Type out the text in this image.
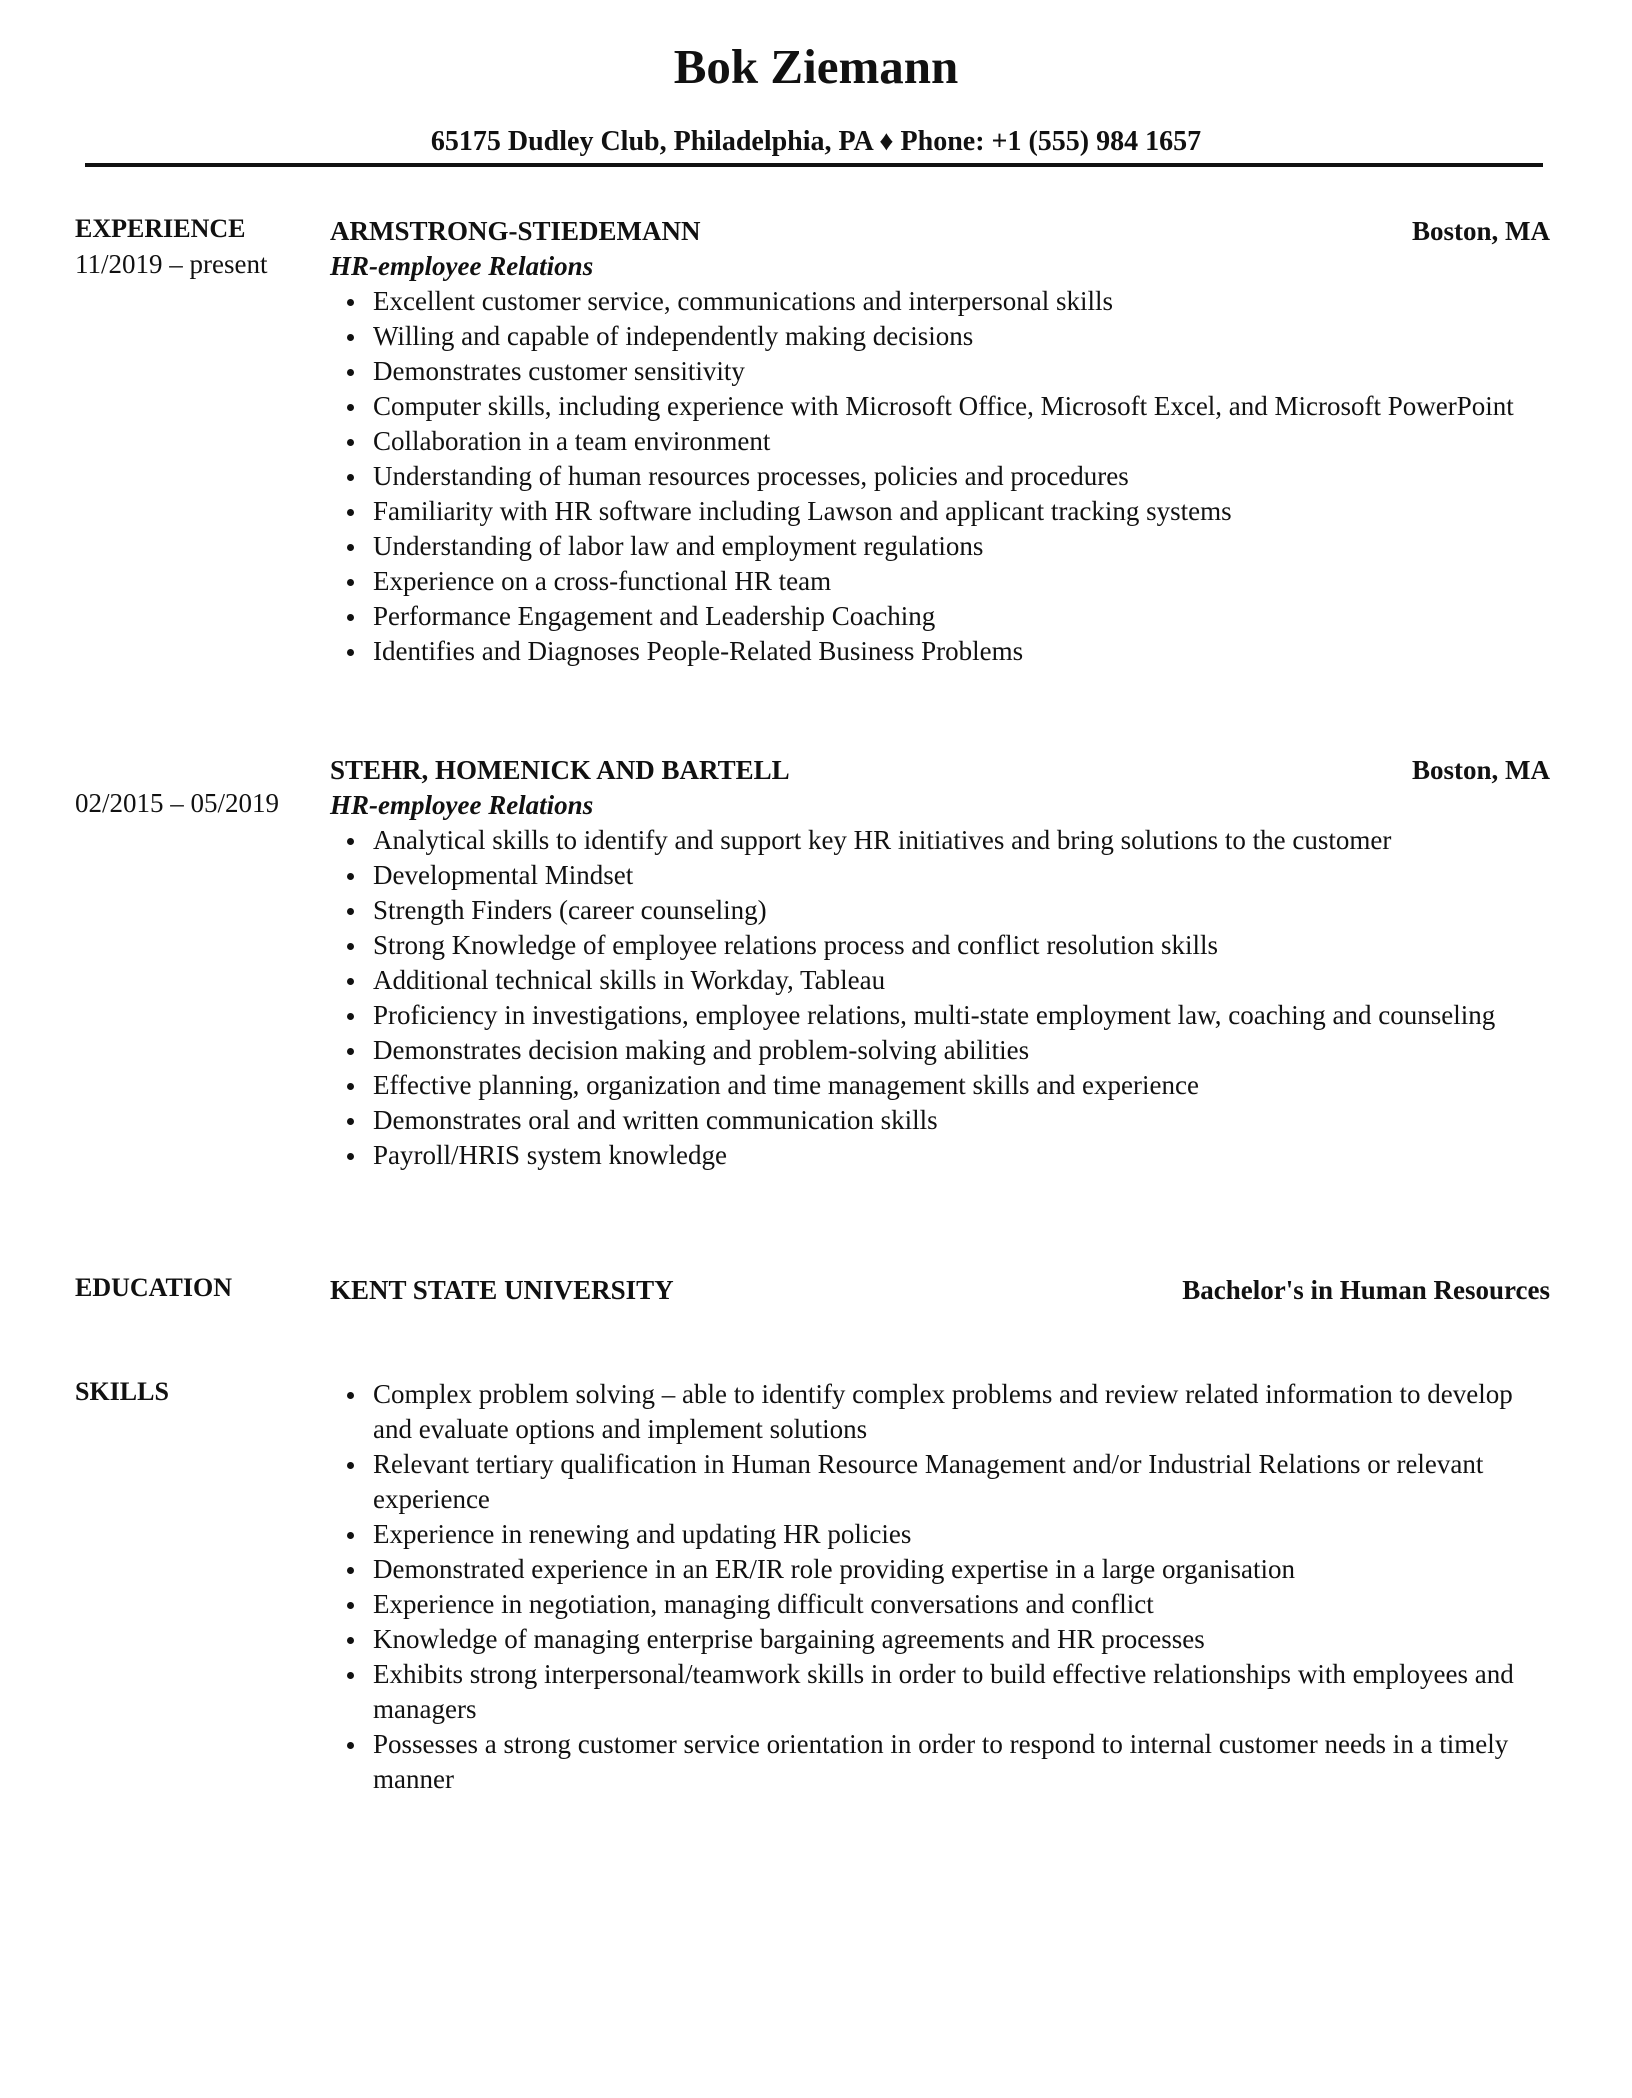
Bok Ziemann
65175 Dudley Club, Philadelphia, PA ♦ Phone: +1 (555) 984 1657
EXPERIENCE
11/2019 – present
ARMSTRONG-STIEDEMANN	Boston, MA
HR-employee Relations
Excellent customer service, communications and interpersonal skills
Willing and capable of independently making decisions
Demonstrates customer sensitivity
Computer skills, including experience with Microsoft Office, Microsoft Excel, and Microsoft PowerPoint
Collaboration in a team environment
Understanding of human resources processes, policies and procedures
Familiarity with HR software including Lawson and applicant tracking systems
Understanding of labor law and employment regulations
Experience on a cross-functional HR team
Performance Engagement and Leadership Coaching
Identifies and Diagnoses People-Related Business Problems
02/2015 – 05/2019
STEHR, HOMENICK AND BARTELL	Boston, MA
HR-employee Relations
Analytical skills to identify and support key HR initiatives and bring solutions to the customer
Developmental Mindset
Strength Finders (career counseling)
Strong Knowledge of employee relations process and conflict resolution skills
Additional technical skills in Workday, Tableau
Proficiency in investigations, employee relations, multi-state employment law, coaching and counseling
Demonstrates decision making and problem-solving abilities
Effective planning, organization and time management skills and experience
Demonstrates oral and written communication skills
Payroll/HRIS system knowledge
EDUCATION	KENT STATE UNIVERSITY	Bachelor's in Human Resources
SKILLS	Complex problem solving – able to identify complex problems and review related information to develop and evaluate options and implement solutions
Relevant tertiary qualification in Human Resource Management and/or Industrial Relations or relevant experience
Experience in renewing and updating HR policies
Demonstrated experience in an ER/IR role providing expertise in a large organisation
Experience in negotiation, managing difficult conversations and conflict
Knowledge of managing enterprise bargaining agreements and HR processes
Exhibits strong interpersonal/teamwork skills in order to build effective relationships with employees and managers
Possesses a strong customer service orientation in order to respond to internal customer needs in a timely manner
